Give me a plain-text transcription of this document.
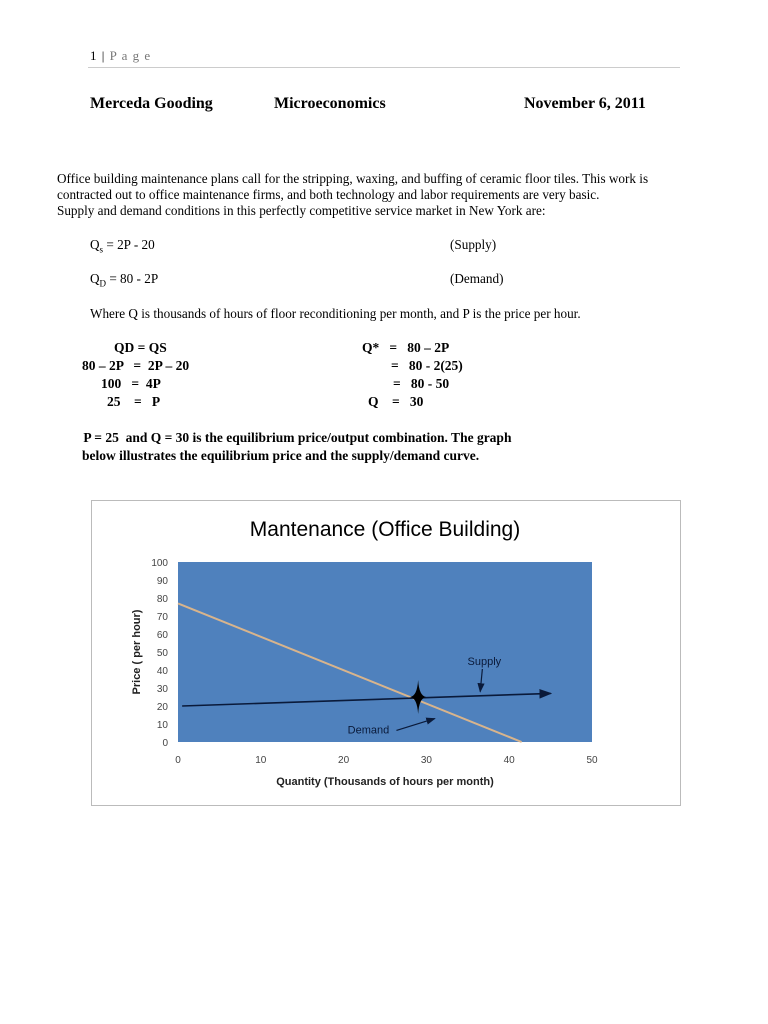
1 | P a g e
Merceda Gooding	Microeconomics	November 6, 2011
Office building maintenance plans call for the stripping, waxing, and buffing of ceramic floor tiles. This work is
contracted out to office maintenance firms, and both technology and labor requirements are very basic.
Supply and demand conditions in this perfectly competitive service market in New York are:
$Q_s = 2P - 20$	(Supply)
$Q_D = 80 - 2P$	(Demand)
Where Q is thousands of hours of floor reconditioning per month, and P is the price per hour.
QD = QS
80 – 2P   =  2P – 20
100   =  4P
25    =   P
Q*   =   80 – 2P
=   80 - 2(25)
=   80 - 50
Q    =   30
P = 25  and Q = 30 is the equilibrium price/output combination. The graph
below illustrates the equilibrium price and the supply/demand curve.
Mantenance (Office Building)
Quantity (Thousands of hours per month)
Price ( per hour)
0
10
20
30
40
50
60
70
80
90
100
0	10	20	30	40	50
Supply
Demand
